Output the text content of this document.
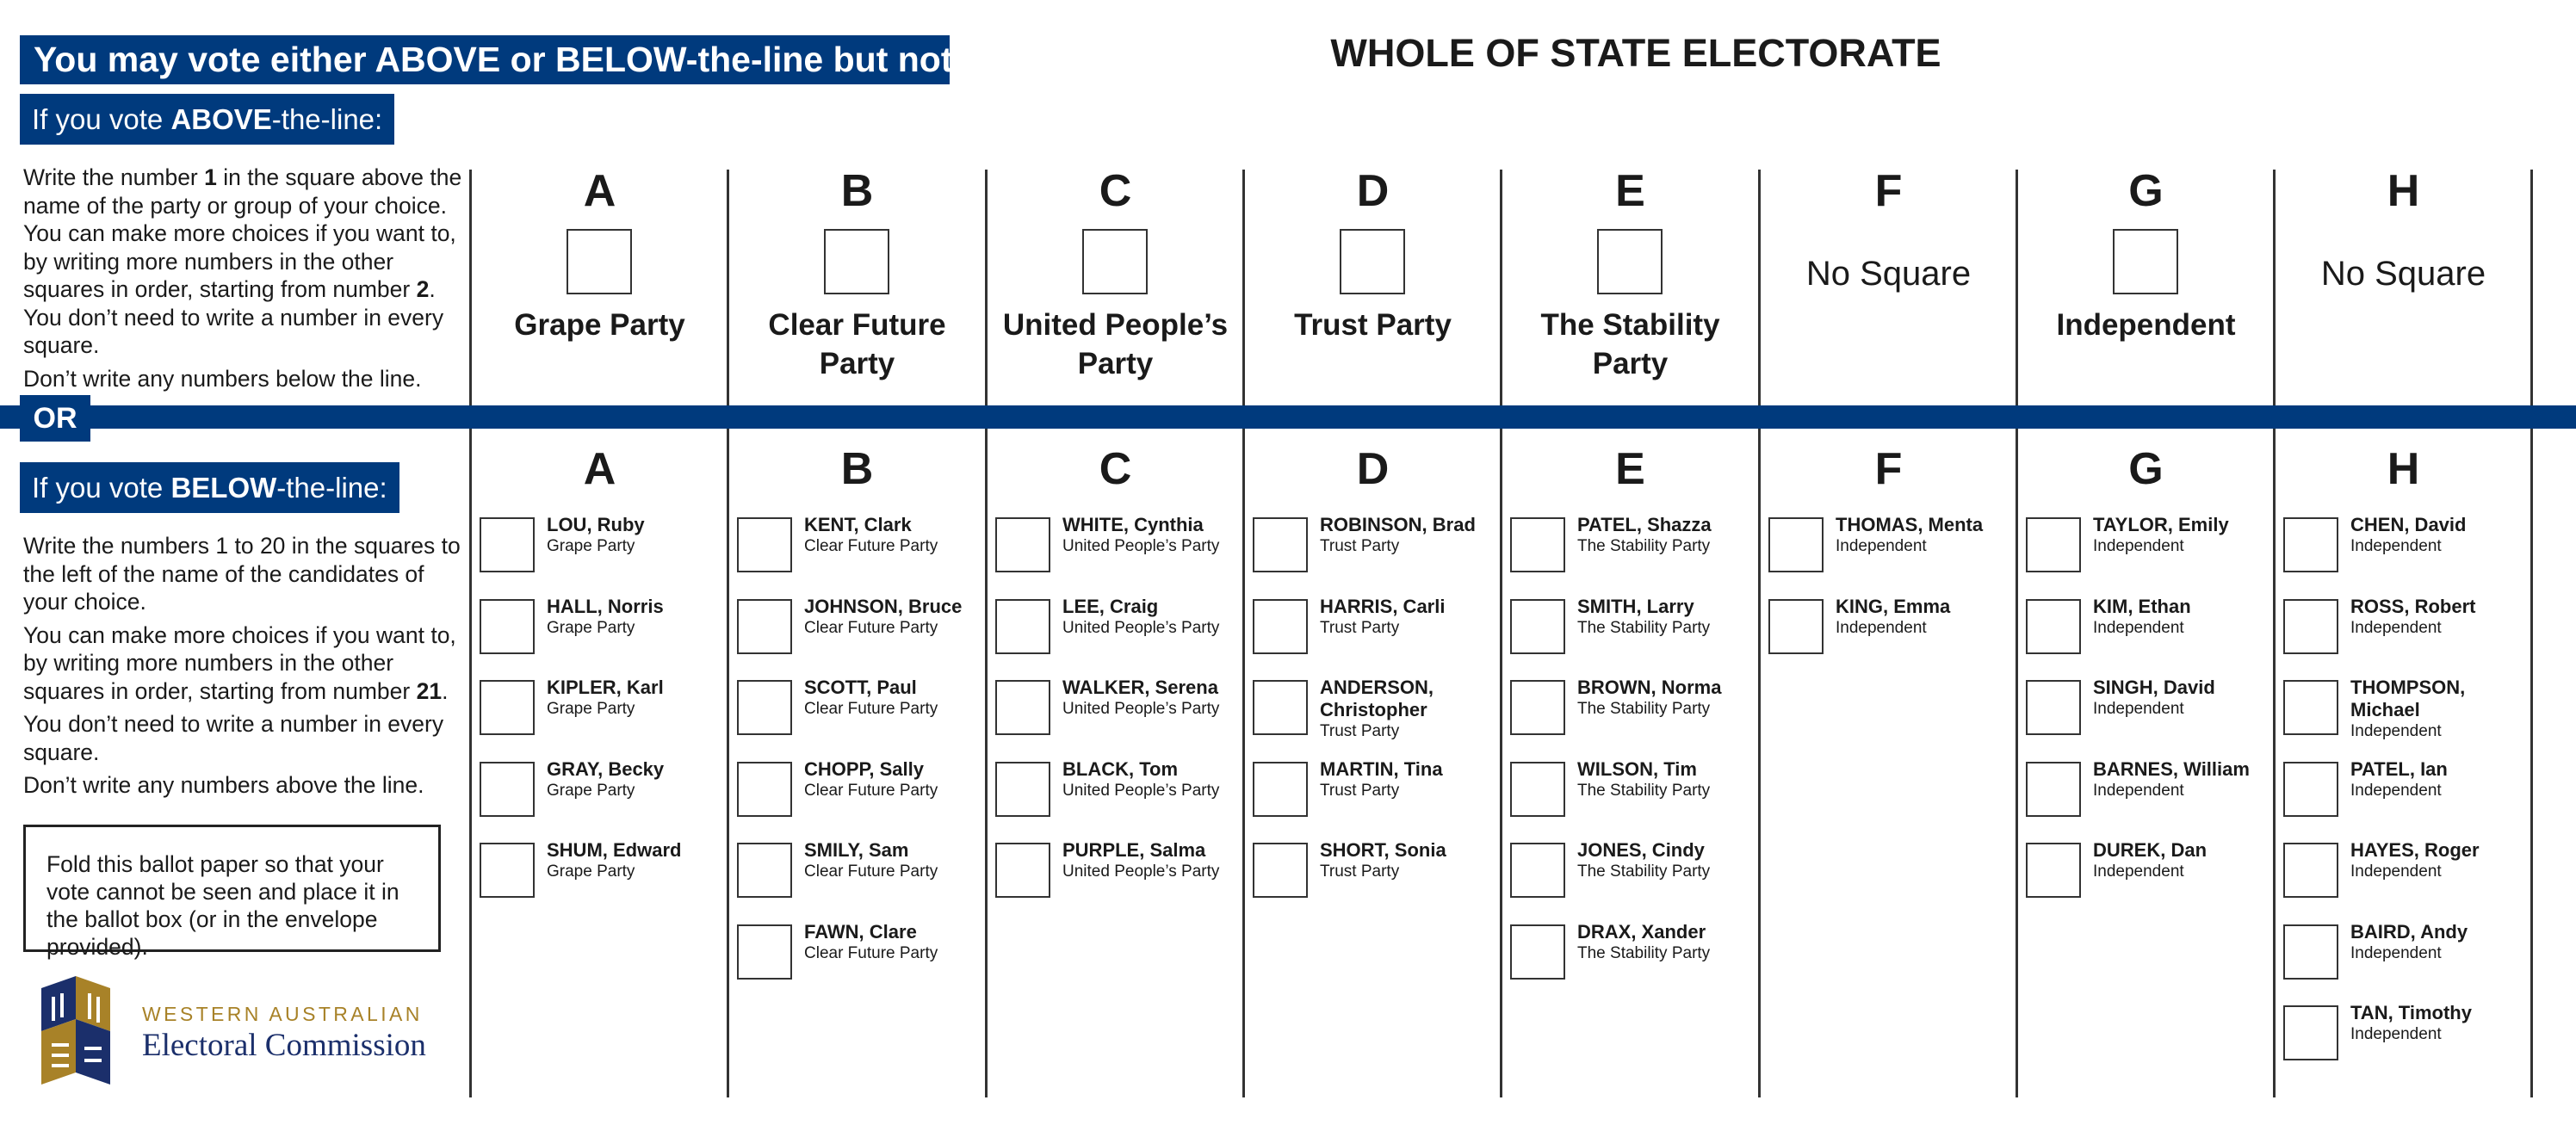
You may vote either ABOVE or BELOW-the-line but not both:	WHOLE OF STATE ELECTORATE
If you vote ABOVE-the-line:

Write the number 1 in the square above the name of the party or group of your choice. You can make more choices if you want to, by writing more numbers in the other squares in order, starting from number 2. You don’t need to write a number in every square.

Don’t write any numbers below the line.

OR
If you vote BELOW-the-line:

Write the numbers 1 to 20 in the squares to the left of the name of the candidates of your choice.

You can make more choices if you want to, by writing more numbers in the other squares in order, starting from number 21.

You don’t need to write a number in every square.

Don’t write any numbers above the line.

Fold this ballot paper so that your vote cannot be seen and place it in the ballot box (or in the envelope provided).
WESTERN AUSTRALIAN
Electoral Commission
A
Grape Party
A
LOU, Ruby
Grape Party
HALL, Norris
Grape Party
KIPLER, Karl
Grape Party
GRAY, Becky
Grape Party
SHUM, Edward
Grape Party
B
Clear Future
Party
B
KENT, Clark
Clear Future Party
JOHNSON, Bruce
Clear Future Party
SCOTT, Paul
Clear Future Party
CHOPP, Sally
Clear Future Party
SMILY, Sam
Clear Future Party
FAWN, Clare
Clear Future Party
C
United People’s
Party
C
WHITE, Cynthia
United People’s Party
LEE, Craig
United People’s Party
WALKER, Serena
United People’s Party
BLACK, Tom
United People’s Party
PURPLE, Salma
United People’s Party
D
Trust Party
D
ROBINSON, Brad
Trust Party
HARRIS, Carli
Trust Party
ANDERSON, Christopher
Trust Party
MARTIN, Tina
Trust Party
SHORT, Sonia
Trust Party
E
The Stability
Party
E
PATEL, Shazza
The Stability Party
SMITH, Larry
The Stability Party
BROWN, Norma
The Stability Party
WILSON, Tim
The Stability Party
JONES, Cindy
The Stability Party
DRAX, Xander
The Stability Party
F
No Square
F
THOMAS, Menta
Independent
KING, Emma
Independent
G
Independent
G
TAYLOR, Emily
Independent
KIM, Ethan
Independent
SINGH, David
Independent
BARNES, William
Independent
DUREK, Dan
Independent
H
No Square
H
CHEN, David
Independent
ROSS, Robert
Independent
THOMPSON, Michael
Independent
PATEL, Ian
Independent
HAYES, Roger
Independent
BAIRD, Andy
Independent
TAN, Timothy
Independent
